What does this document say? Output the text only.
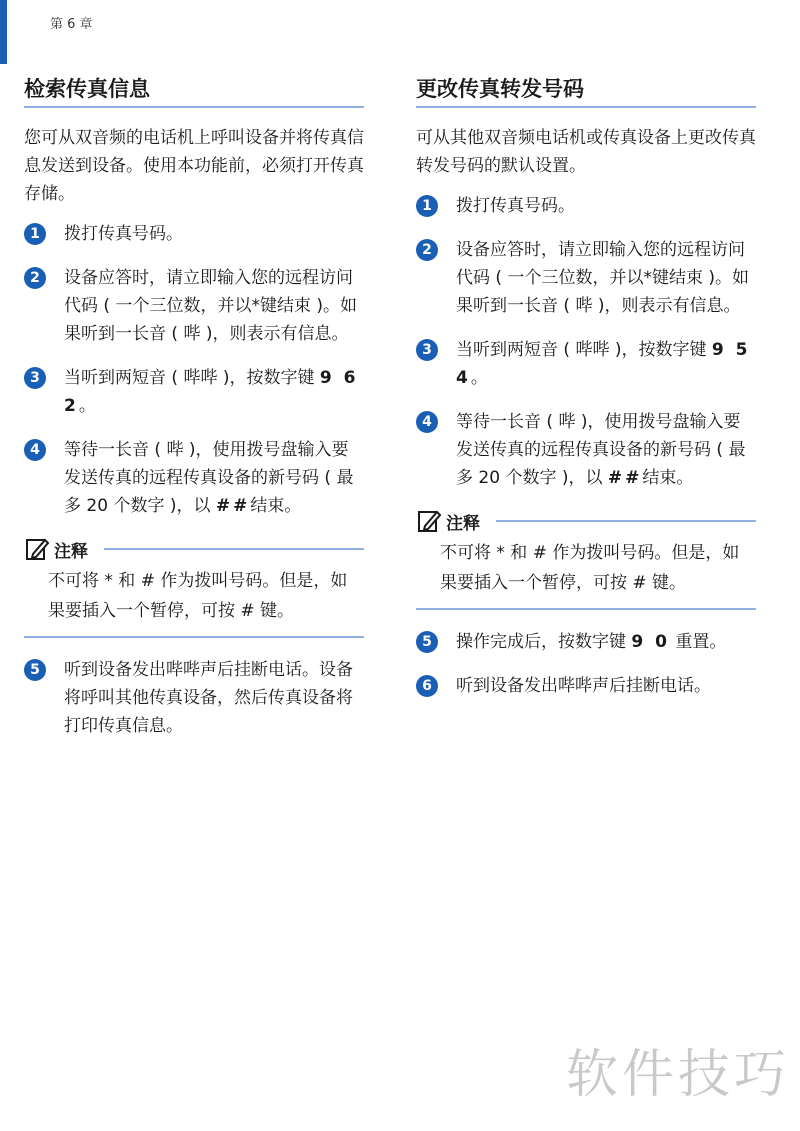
第 6 章
检索传真信息

您可从双音频的电话机上呼叫设备并将传真信息发送到设备。使用本功能前，必须打开传真存储。

1	拨打传真号码。
2	设备应答时，请立即输入您的远程访问代码 ( 一个三位数，并以*键结束 )。如果听到一长音 ( 哔 )，则表示有信息。
3	当听到两短音 ( 哔哔 )，按数字键 9 6 2。
4	等待一长音 ( 哔 )，使用拨号盘输入要发送传真的远程传真设备的新号码 ( 最多 20 个数字 )，以 ##结束。
注释
不可将 * 和 # 作为拨叫号码。但是，如果要插入一个暂停，可按 # 键。
5	听到设备发出哔哔声后挂断电话。设备将呼叫其他传真设备，然后传真设备将打印传真信息。
更改传真转发号码

可从其他双音频电话机或传真设备上更改传真转发号码的默认设置。

1	拨打传真号码。
2	设备应答时，请立即输入您的远程访问代码 ( 一个三位数，并以*键结束 )。如果听到一长音 ( 哔 )，则表示有信息。
3	当听到两短音 ( 哔哔 )，按数字键 9 5 4。
4	等待一长音 ( 哔 )，使用拨号盘输入要发送传真的远程传真设备的新号码 ( 最多 20 个数字 )，以 ##结束。
注释
不可将 * 和 # 作为拨叫号码。但是，如果要插入一个暂停，可按 # 键。
5	操作完成后，按数字键 9 0 重置。
6	听到设备发出哔哔声后挂断电话。
软件技巧
